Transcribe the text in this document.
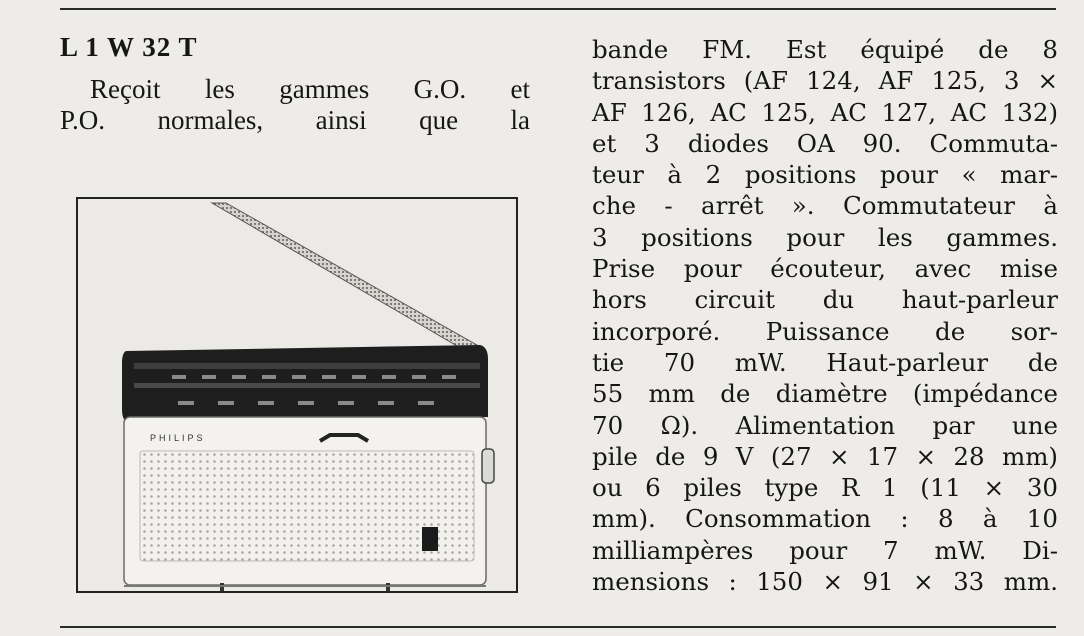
L 1 W 32 T
Reçoit les gammes G.O. et
P.O. normales, ainsi que la
PHILIPS
bande FM. Est équipé de 8
transistors (AF 124, AF 125, 3 ×
AF 126, AC 125, AC 127, AC 132)
et 3 diodes OA 90. Commuta-
teur à 2 positions pour « mar-
che - arrêt ». Commutateur à
3 positions pour les gammes.
Prise pour écouteur, avec mise
hors circuit du haut-parleur
incorporé. Puissance de sor-
tie 70 mW. Haut-parleur de
55 mm de diamètre (impédance
70 Ω). Alimentation par une
pile de 9 V (27 × 17 × 28 mm)
ou 6 piles type R 1 (11 × 30
mm). Consommation : 8 à 10
milliampères pour 7 mW. Di-
mensions : 150 × 91 × 33 mm.
